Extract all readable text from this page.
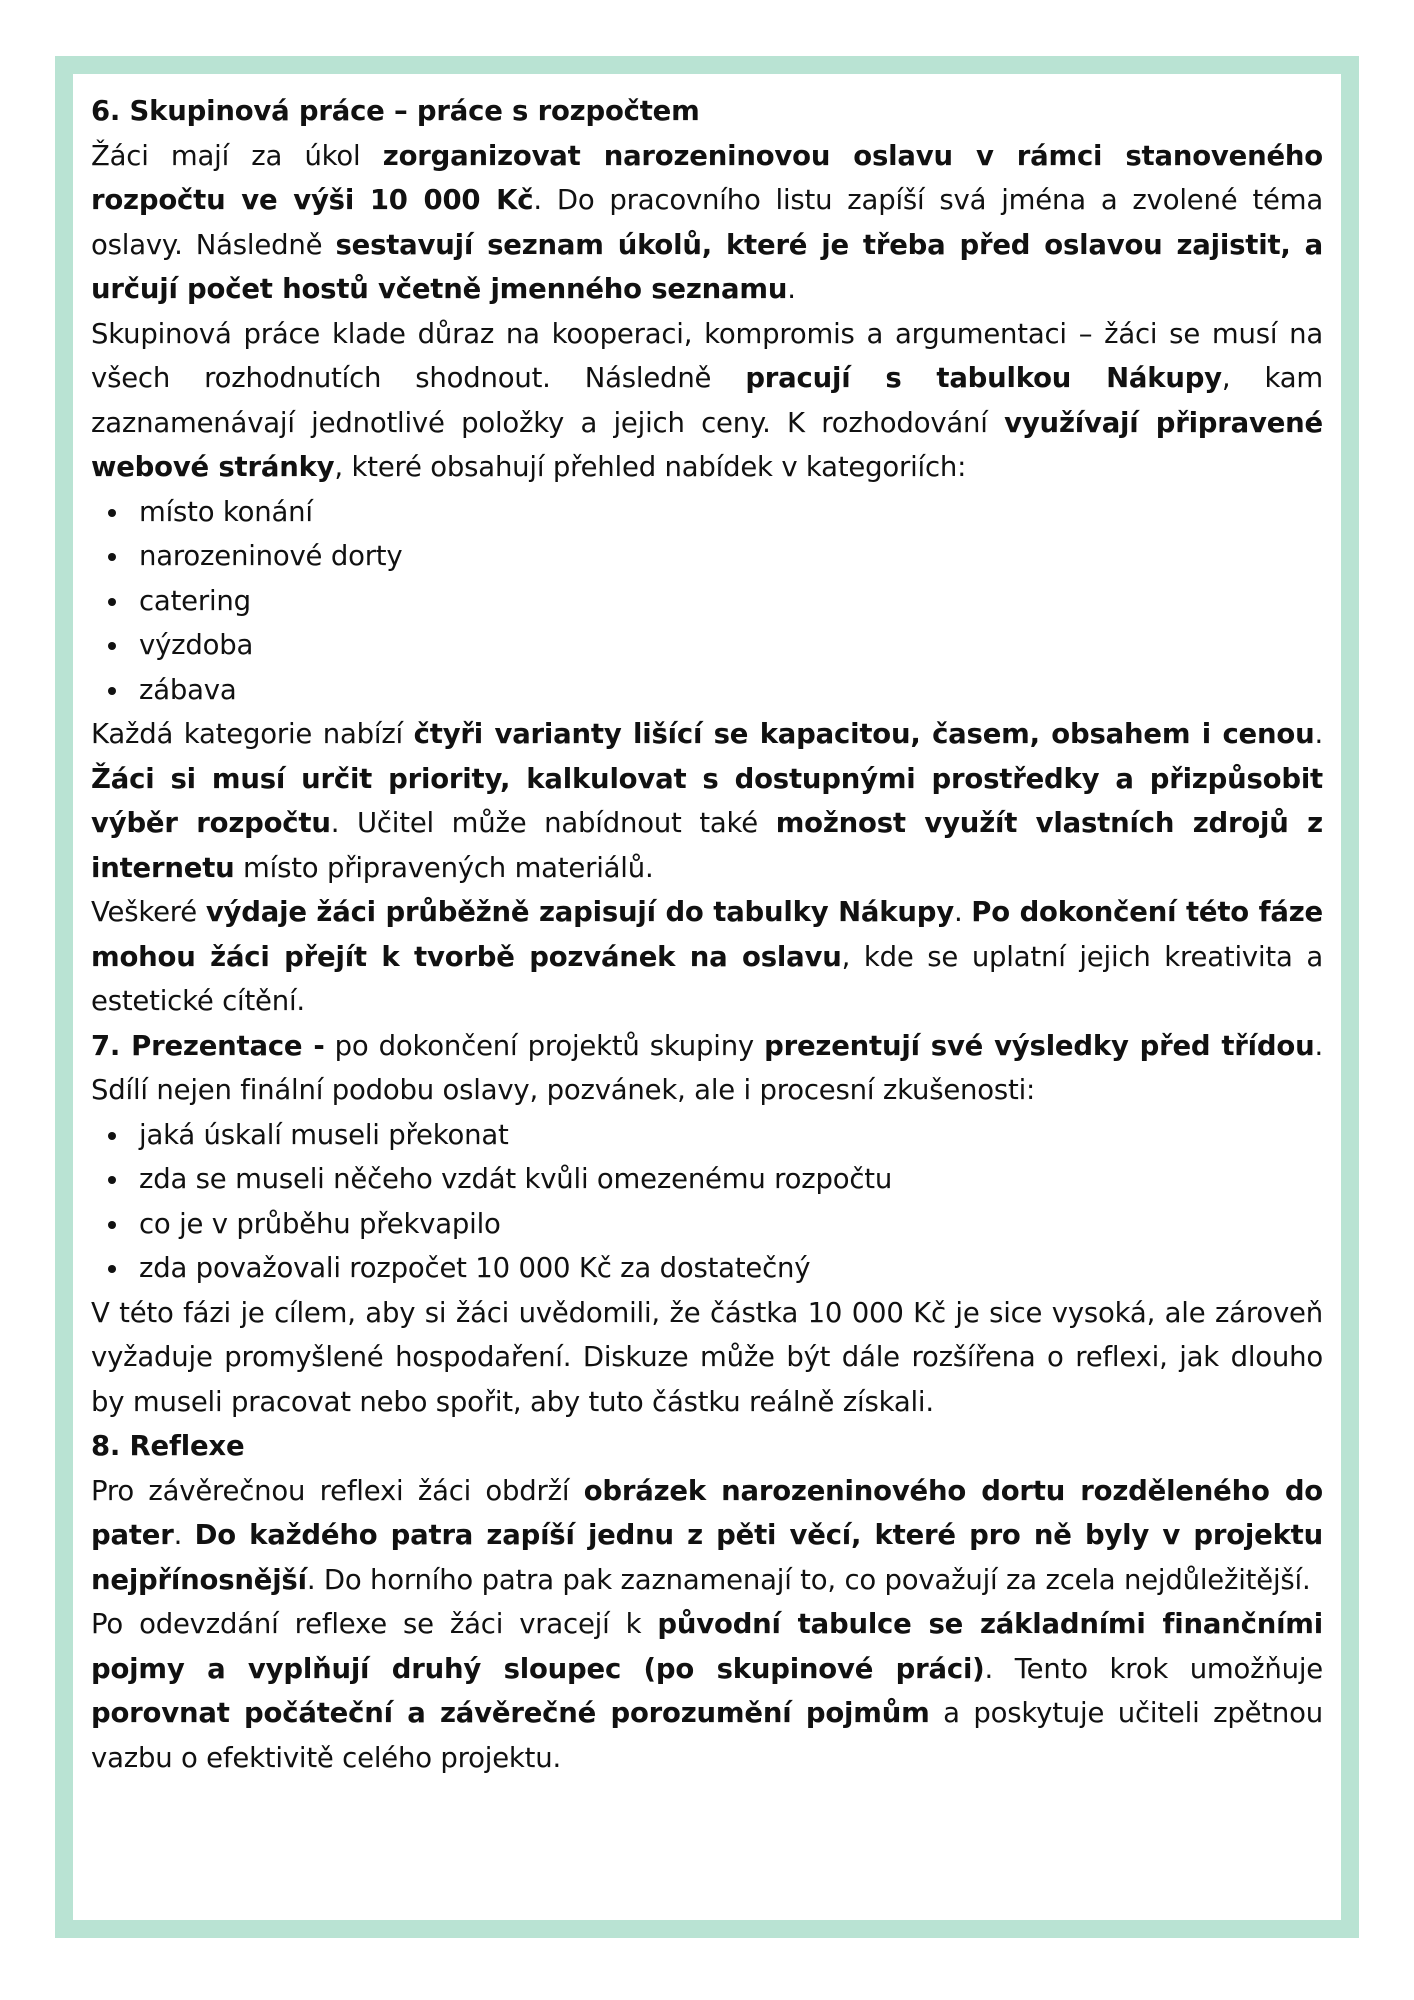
6. Skupinová práce – práce s rozpočtem

Žáci mají za úkol zorganizovat narozeninovou oslavu v rámci stanoveného rozpočtu ve výši 10 000 Kč. Do pracovního listu zapíší svá jména a zvolené téma oslavy. Následně sestavují seznam úkolů, které je třeba před oslavou zajistit, a určují počet hostů včetně jmenného seznamu.

Skupinová práce klade důraz na kooperaci, kompromis a argumentaci – žáci se musí na všech rozhodnutích shodnout. Následně pracují s tabulkou Nákupy, kam zaznamenávají jednotlivé položky a jejich ceny. K rozhodování využívají připravené webové stránky, které obsahují přehled nabídek v kategoriích:

místo konání
narozeninové dorty
catering
výzdoba
zábava

Každá kategorie nabízí čtyři varianty lišící se kapacitou, časem, obsahem i cenou. Žáci si musí určit priority, kalkulovat s dostupnými prostředky a přizpůsobit výběr rozpočtu. Učitel může nabídnout také možnost využít vlastních zdrojů z internetu místo připravených materiálů.

Veškeré výdaje žáci průběžně zapisují do tabulky Nákupy. Po dokončení této fáze mohou žáci přejít k tvorbě pozvánek na oslavu, kde se uplatní jejich kreativita a estetické cítění.

7. Prezentace - po dokončení projektů skupiny prezentují své výsledky před třídou. Sdílí nejen finální podobu oslavy, pozvánek, ale i procesní zkušenosti:

jaká úskalí museli překonat
zda se museli něčeho vzdát kvůli omezenému rozpočtu
co je v průběhu překvapilo
zda považovali rozpočet 10 000 Kč za dostatečný

V této fázi je cílem, aby si žáci uvědomili, že částka 10 000 Kč je sice vysoká, ale zároveň vyžaduje promyšlené hospodaření. Diskuze může být dále rozšířena o reflexi, jak dlouho by museli pracovat nebo spořit, aby tuto částku reálně získali.

8. Reflexe

Pro závěrečnou reflexi žáci obdrží obrázek narozeninového dortu rozděleného do pater. Do každého patra zapíší jednu z pěti věcí, které pro ně byly v projektu nejpřínosnější. Do horního patra pak zaznamenají to, co považují za zcela nejdůležitější.

Po odevzdání reflexe se žáci vracejí k původní tabulce se základními finančními pojmy a vyplňují druhý sloupec (po skupinové práci). Tento krok umožňuje porovnat počáteční a závěrečné porozumění pojmům a poskytuje učiteli zpětnou vazbu o efektivitě celého projektu.
